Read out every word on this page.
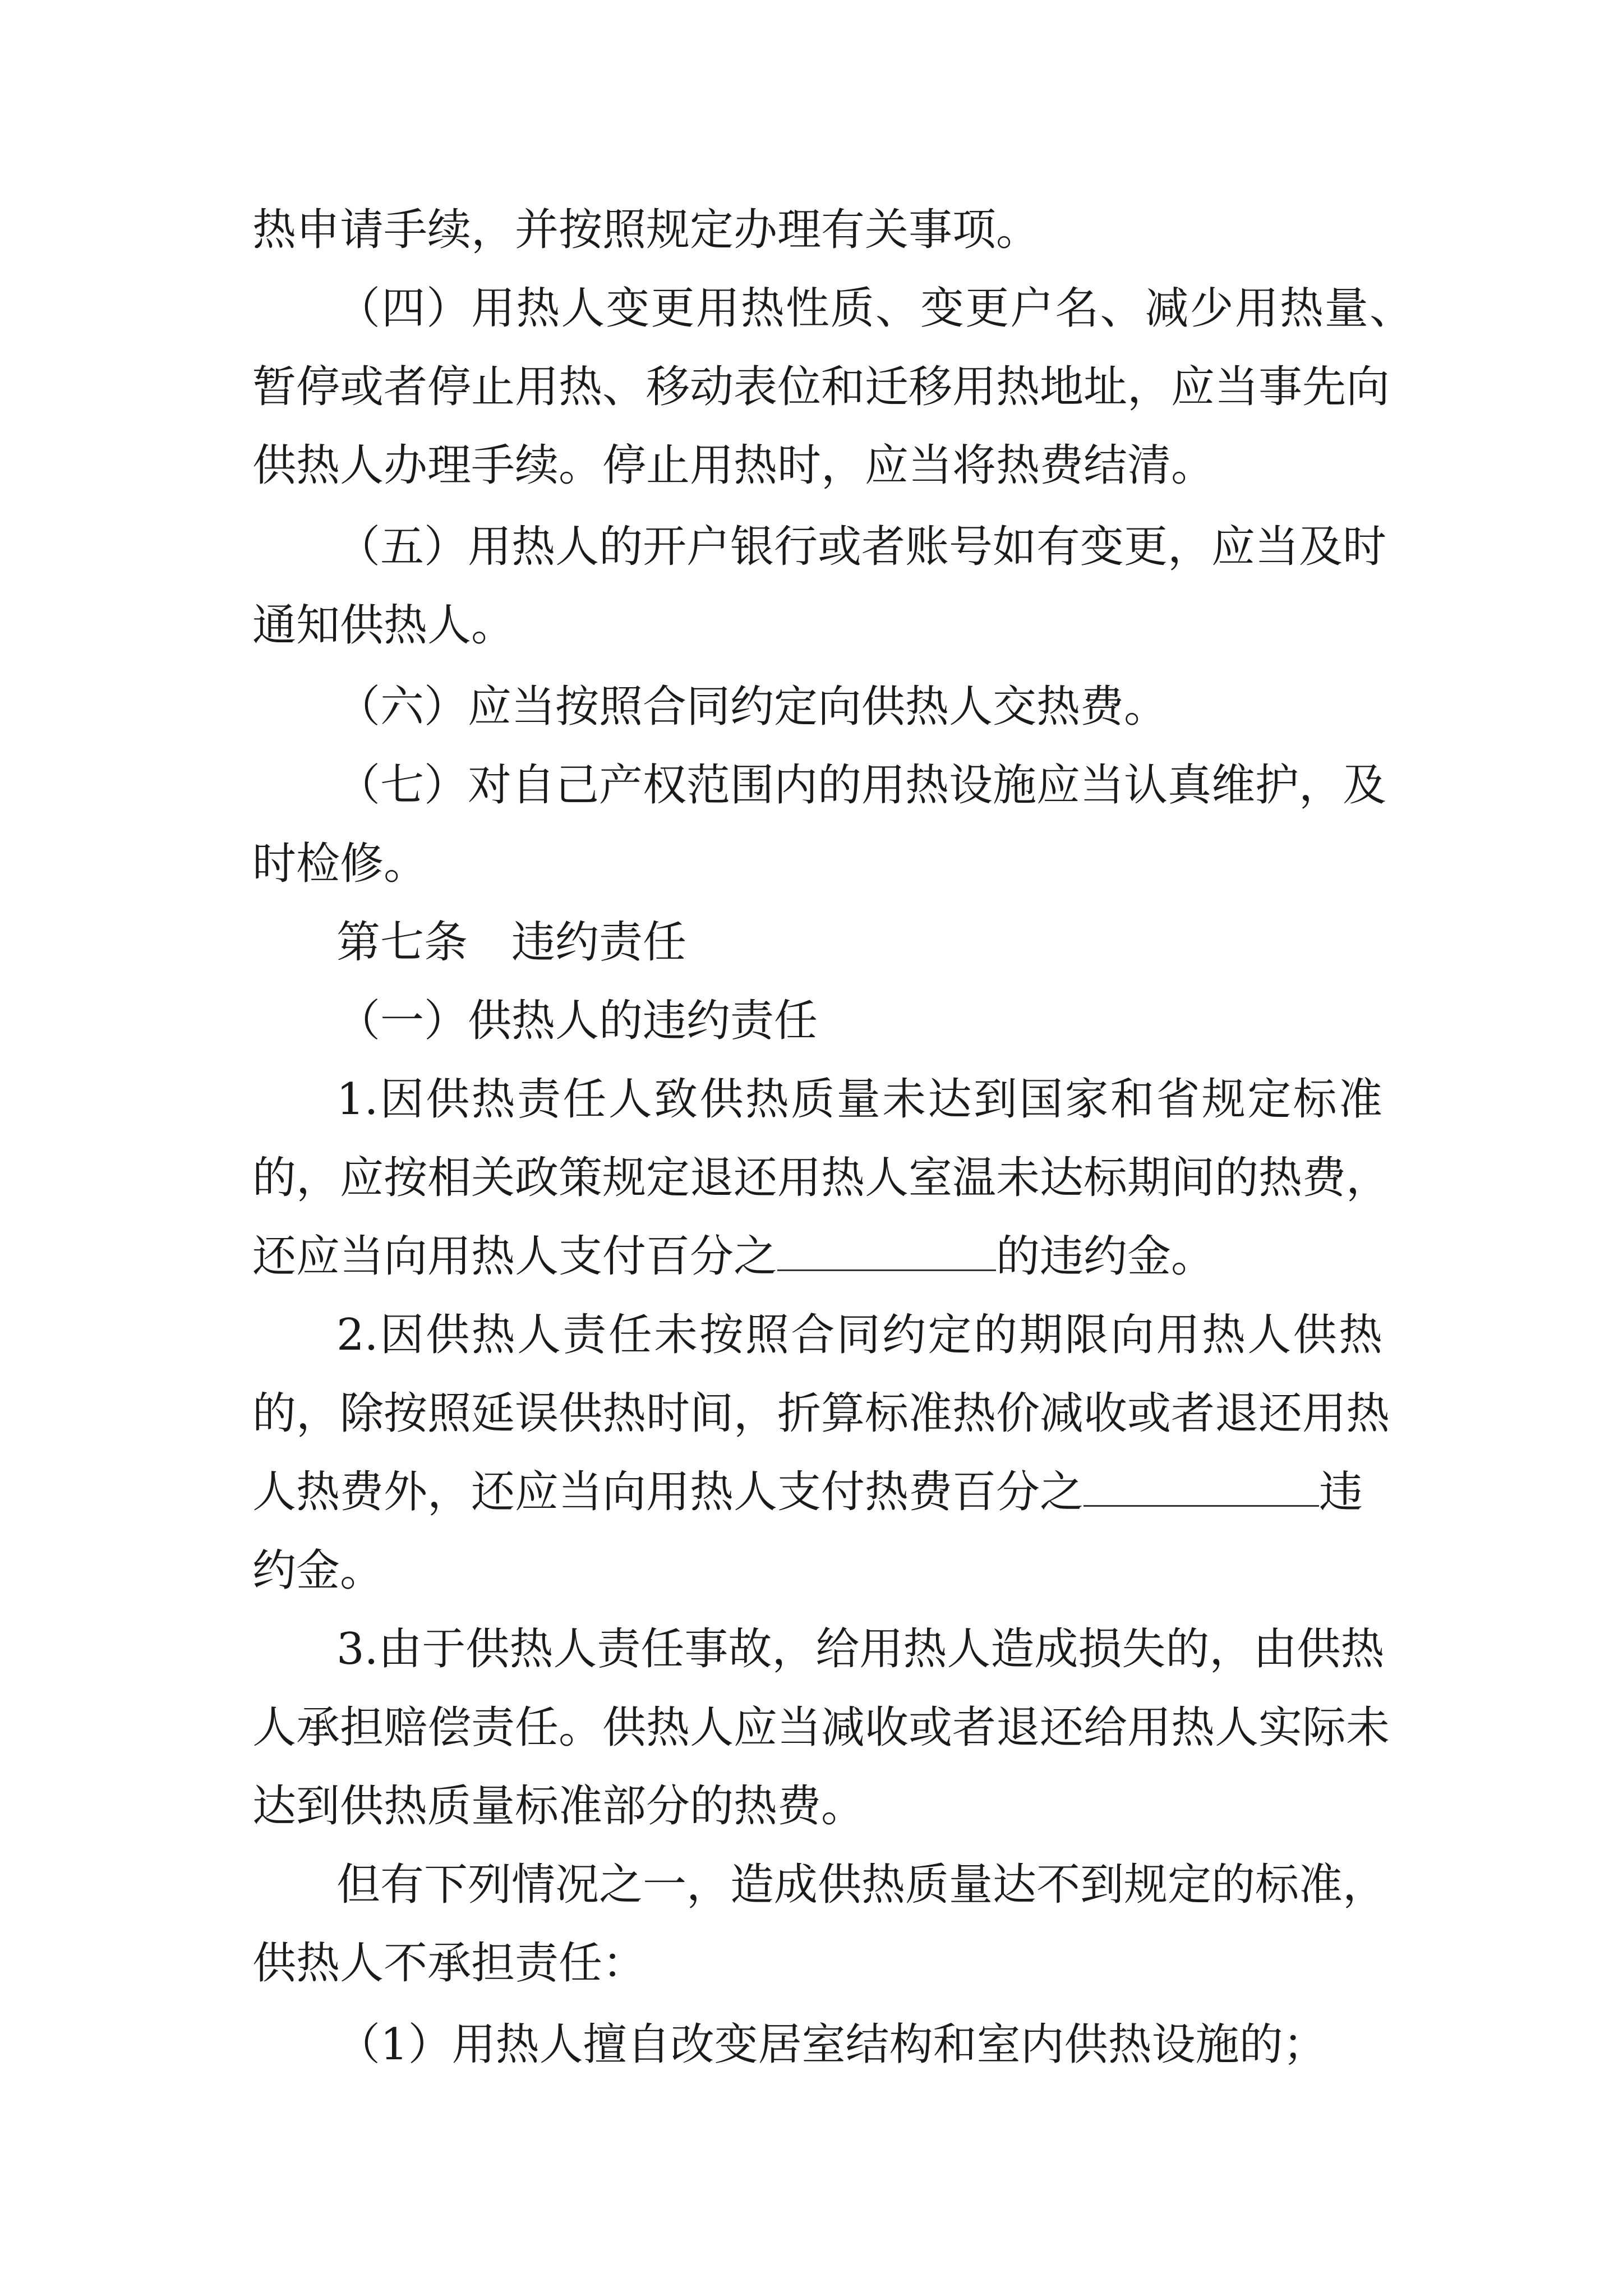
热申请手续，并按照规定办理有关事项。
（四）用热人变更用热性质、变更户名、减少用热量、
暂停或者停止用热、移动表位和迁移用热地址，应当事先向
供热人办理手续。停止用热时，应当将热费结清。
（五）用热人的开户银行或者账号如有变更，应当及时
通知供热人。
（六）应当按照合同约定向供热人交热费。
（七）对自己产权范围内的用热设施应当认真维护，及
时检修。
第七条　违约责任
（一）供热人的违约责任
1.因供热责任人致供热质量未达到国家和省规定标准
的，应按相关政策规定退还用热人室温未达标期间的热费，
还应当向用热人支付百分之	的违约金。
2.因供热人责任未按照合同约定的期限向用热人供热
的，除按照延误供热时间，折算标准热价减收或者退还用热
人热费外，还应当向用热人支付热费百分之	违
约金。
3.由于供热人责任事故，给用热人造成损失的，由供热
人承担赔偿责任。供热人应当减收或者退还给用热人实际未
达到供热质量标准部分的热费。
但有下列情况之一，造成供热质量达不到规定的标准，
供热人不承担责任：
（1）用热人擅自改变居室结构和室内供热设施的；
